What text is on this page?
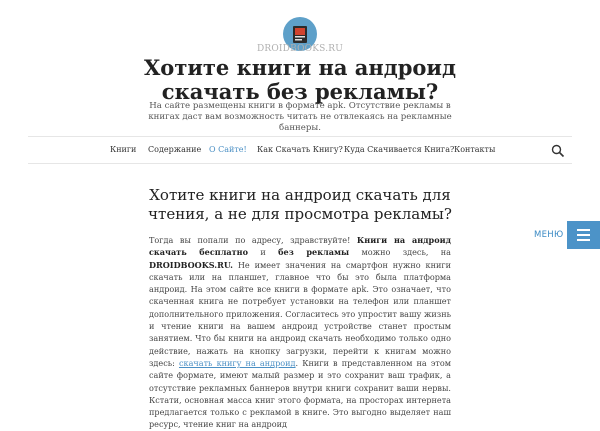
DROIDBOOKS.RU
Хотите книги на андроид скачать без рекламы?

На сайте размещены книги в формате apk. Отсутствие рекламы в книгах даст вам возможность читать не отвлекаясь на рекламные баннеры.

Книги Содержание О Сайте! Как Скачать Книгу? Куда Скачивается Книга? Контакты
Хотите книги на андроид скачать для чтения, а не для просмотра рекламы?

Тогда вы попали по адресу, здравствуйте! Книги на андроид скачать бесплатно и без рекламы можно здесь, на DROIDBOOKS.RU. Не имеет значения на смартфон нужно книги скачать или на планшет, главное что бы это была платформа андроид. На этом сайте все книги в формате apk. Это означает, что скаченная книга не потребует установки на телефон или планшет дополнительного приложения. Согласитесь это упростит вашу жизнь и чтение книги на вашем андроид устройстве станет простым занятием. Что бы книги на андроид скачать необходимо только одно действие, нажать на кнопку загрузки, перейти к книгам можно здесь: скачать книгу на андроид. Книги в представленном на этом сайте формате, имеют малый размер и это сохранит ваш трафик, а отсутствие рекламных баннеров внутри книги сохранит ваши нервы. Кстати, основная масса книг этого формата, на просторах интернета предлагается только с рекламой в книге. Это выгодно выделяет наш ресурс, чтение книг на андроид

МЕНЮ
